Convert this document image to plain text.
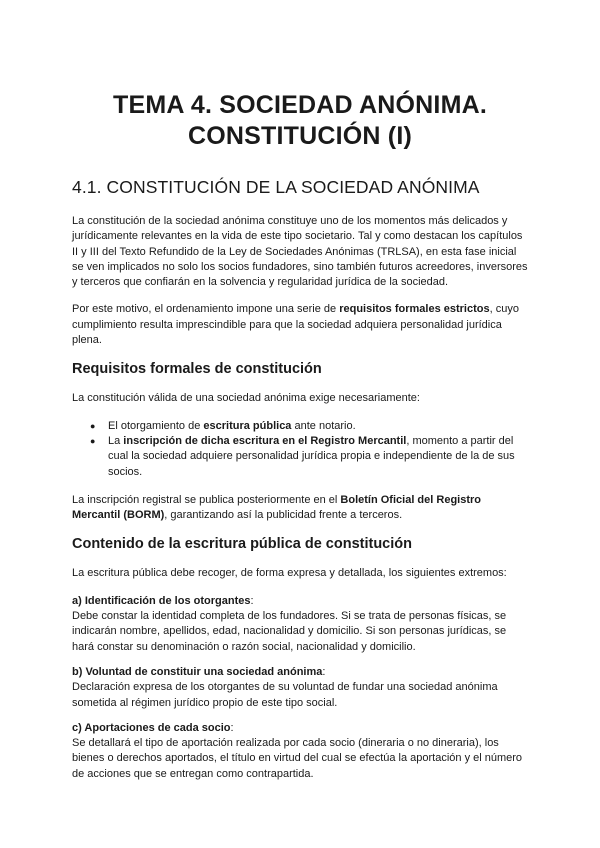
TEMA 4. SOCIEDAD ANÓNIMA.
CONSTITUCIÓN (I)
4.1. CONSTITUCIÓN DE LA SOCIEDAD ANÓNIMA

La constitución de la sociedad anónima constituye uno de los momentos más delicados y jurídicamente relevantes en la vida de este tipo societario. Tal y como destacan los capítulos II y III del Texto Refundido de la Ley de Sociedades Anónimas (TRLSA), en esta fase inicial se ven implicados no solo los socios fundadores, sino también futuros acreedores, inversores y terceros que confiarán en la solvencia y regularidad jurídica de la sociedad.

Por este motivo, el ordenamiento impone una serie de requisitos formales estrictos, cuyo cumplimiento resulta imprescindible para que la sociedad adquiera personalidad jurídica plena.

Requisitos formales de constitución

La constitución válida de una sociedad anónima exige necesariamente:

● El otorgamiento de escritura pública ante notario.
● La inscripción de dicha escritura en el Registro Mercantil, momento a partir del cual la sociedad adquiere personalidad jurídica propia e independiente de la de sus socios.

La inscripción registral se publica posteriormente en el Boletín Oficial del Registro Mercantil (BORM), garantizando así la publicidad frente a terceros.

Contenido de la escritura pública de constitución

La escritura pública debe recoger, de forma expresa y detallada, los siguientes extremos:

a) Identificación de los otorgantes:
Debe constar la identidad completa de los fundadores. Si se trata de personas físicas, se indicarán nombre, apellidos, edad, nacionalidad y domicilio. Si son personas jurídicas, se hará constar su denominación o razón social, nacionalidad y domicilio.
b) Voluntad de constituir una sociedad anónima:
Declaración expresa de los otorgantes de su voluntad de fundar una sociedad anónima sometida al régimen jurídico propio de este tipo social.
c) Aportaciones de cada socio:
Se detallará el tipo de aportación realizada por cada socio (dineraria o no dineraria), los bienes o derechos aportados, el título en virtud del cual se efectúa la aportación y el número de acciones que se entregan como contrapartida.
